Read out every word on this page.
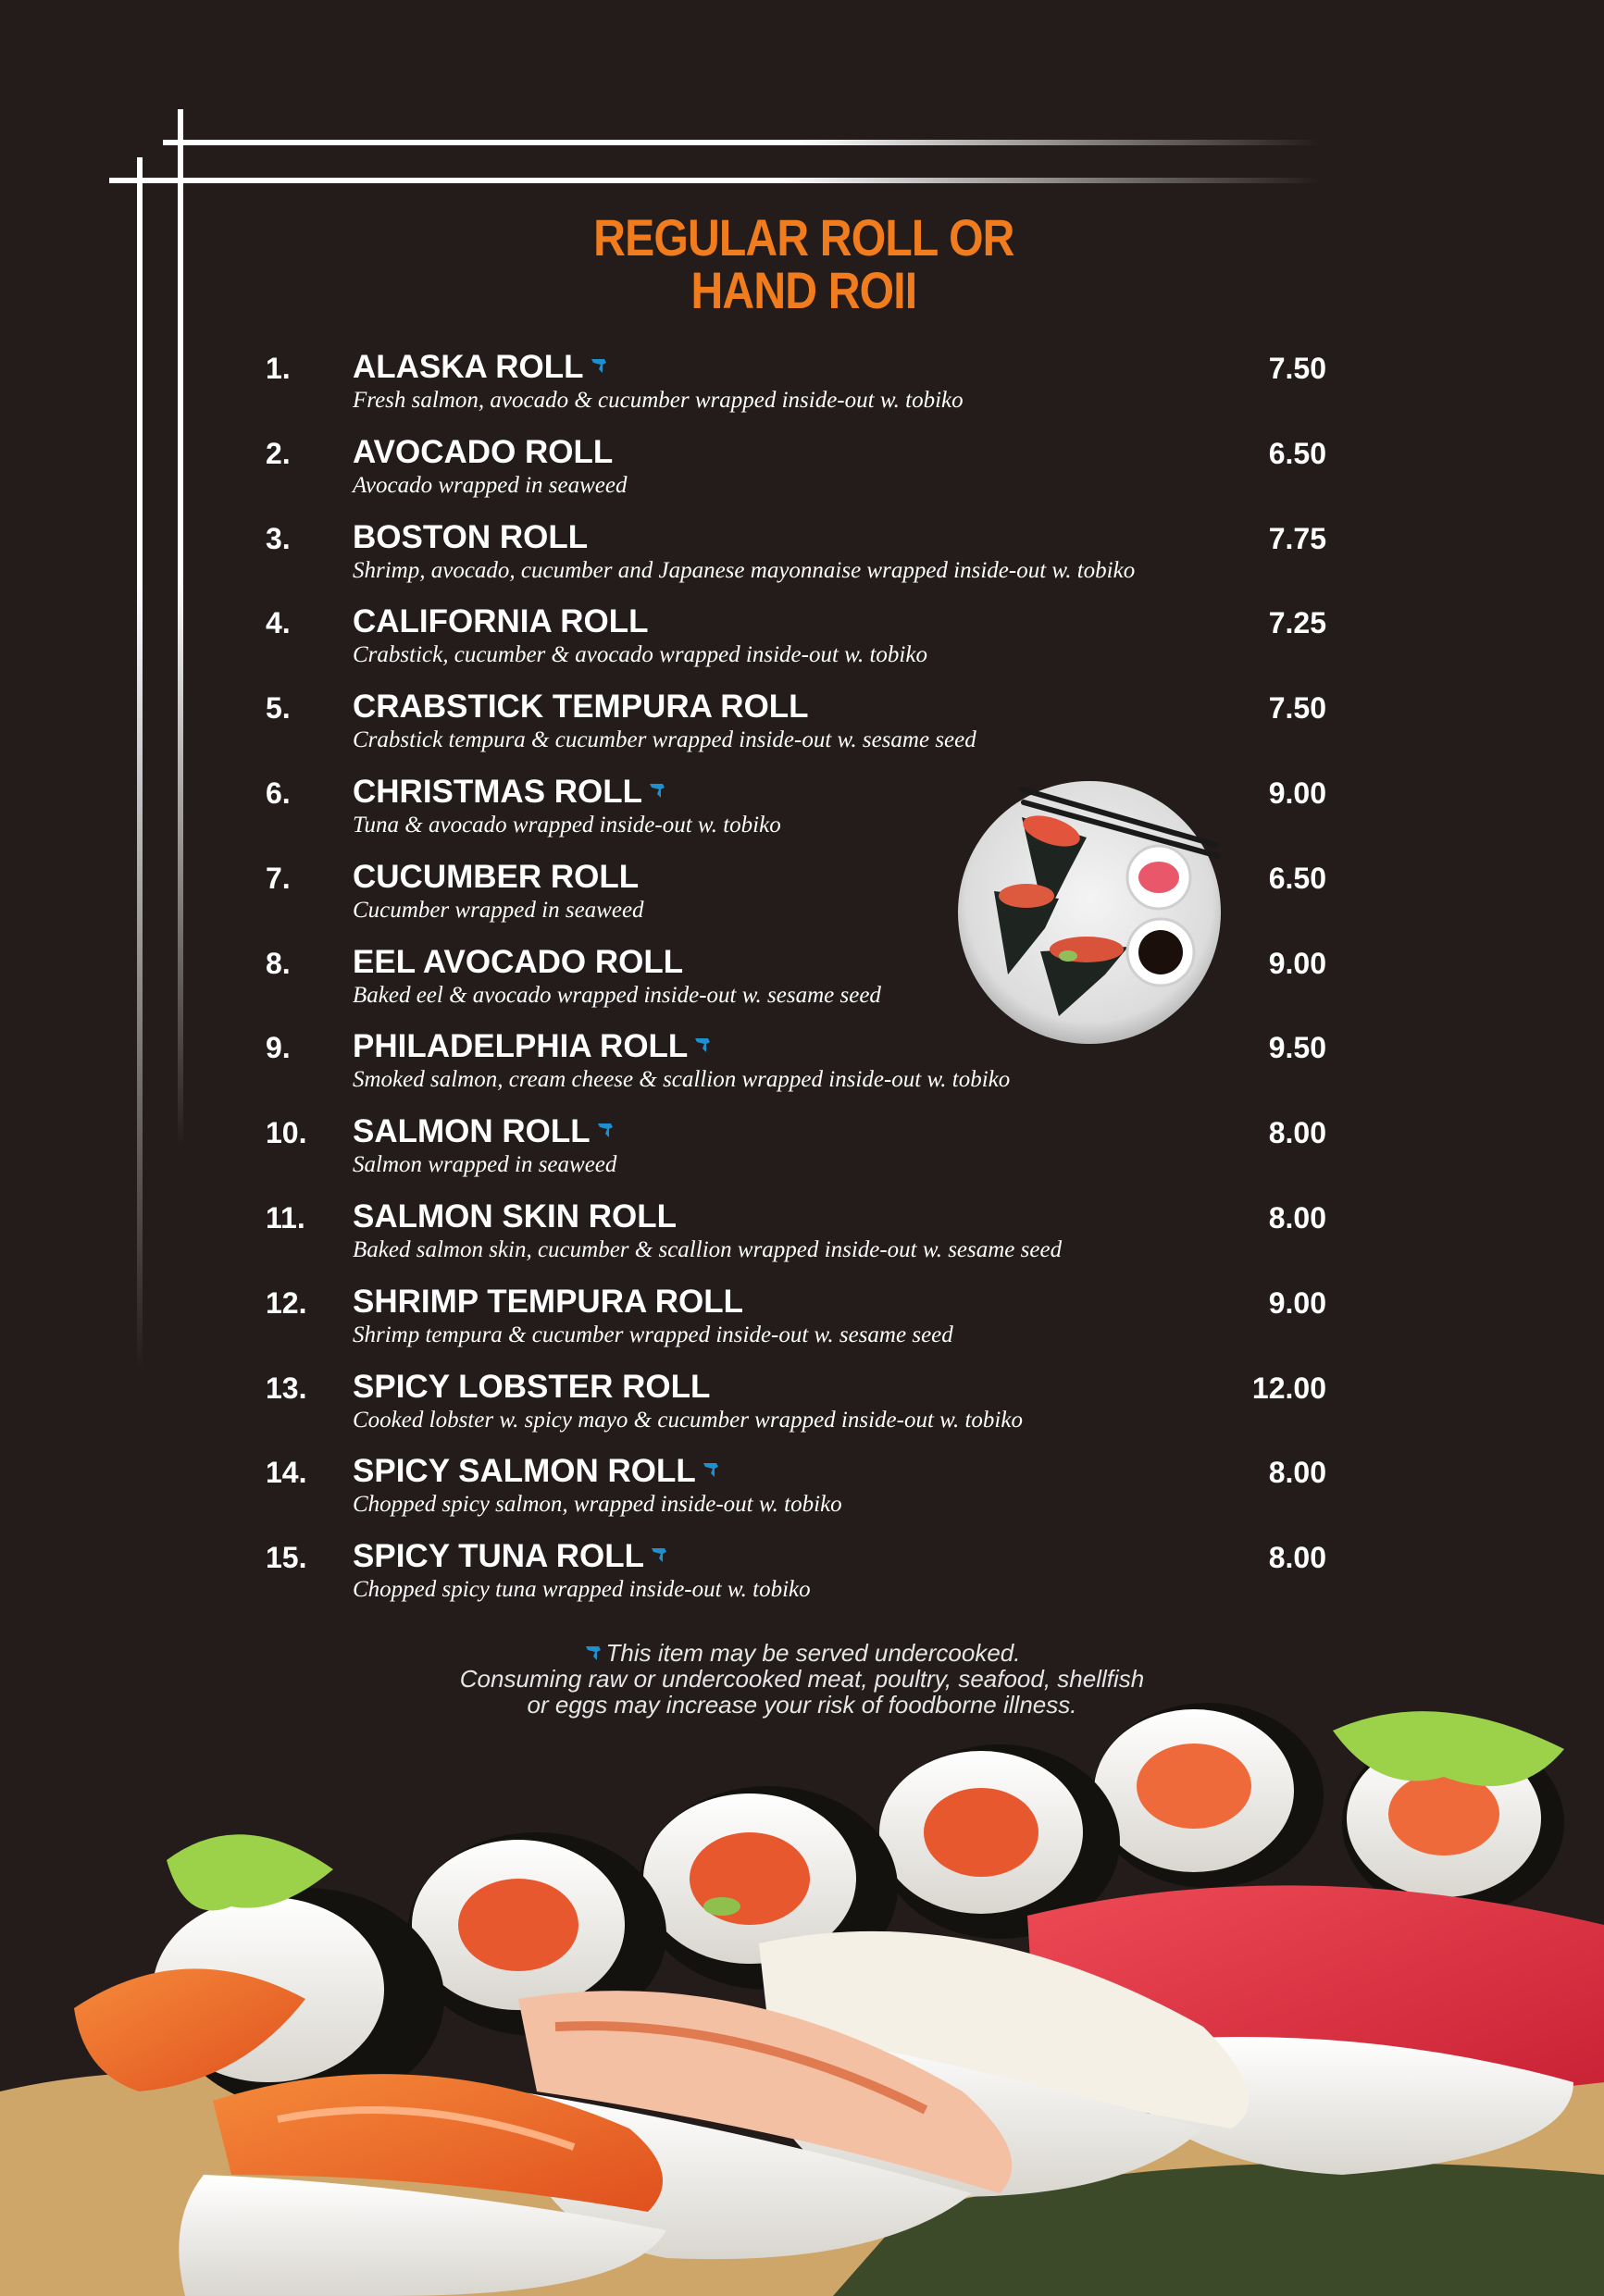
REGULAR ROLL OR
HAND ROII
1. ALASKA ROLL
Fresh salmon, avocado & cucumber wrapped inside-out w. tobiko
7.50
2. AVOCADO ROLL
Avocado wrapped in seaweed
6.50
3. BOSTON ROLL
Shrimp, avocado, cucumber and Japanese mayonnaise wrapped inside-out w. tobiko
7.75
4. CALIFORNIA ROLL
Crabstick, cucumber & avocado wrapped inside-out w. tobiko
7.25
5. CRABSTICK TEMPURA ROLL
Crabstick tempura & cucumber wrapped inside-out w. sesame seed
7.50
6. CHRISTMAS ROLL
Tuna & avocado wrapped inside-out w. tobiko
9.00
7. CUCUMBER ROLL
Cucumber wrapped in seaweed
6.50
8. EEL AVOCADO ROLL
Baked eel & avocado wrapped inside-out w. sesame seed
9.00
9. PHILADELPHIA ROLL
Smoked salmon, cream cheese & scallion wrapped inside-out w. tobiko
9.50
10. SALMON ROLL
Salmon wrapped in seaweed
8.00
11. SALMON SKIN ROLL
Baked salmon skin, cucumber & scallion wrapped inside-out w. sesame seed
8.00
12. SHRIMP TEMPURA ROLL
Shrimp tempura & cucumber wrapped inside-out w. sesame seed
9.00
13. SPICY LOBSTER ROLL
Cooked lobster w. spicy mayo & cucumber wrapped inside-out w. tobiko
12.00
14. SPICY SALMON ROLL
Chopped spicy salmon, wrapped inside-out w. tobiko
8.00
15. SPICY TUNA ROLL
Chopped spicy tuna wrapped inside-out w. tobiko
8.00
This item may be served undercooked.
Consuming raw or undercooked meat, poultry, seafood, shellfish
or eggs may increase your risk of foodborne illness.
